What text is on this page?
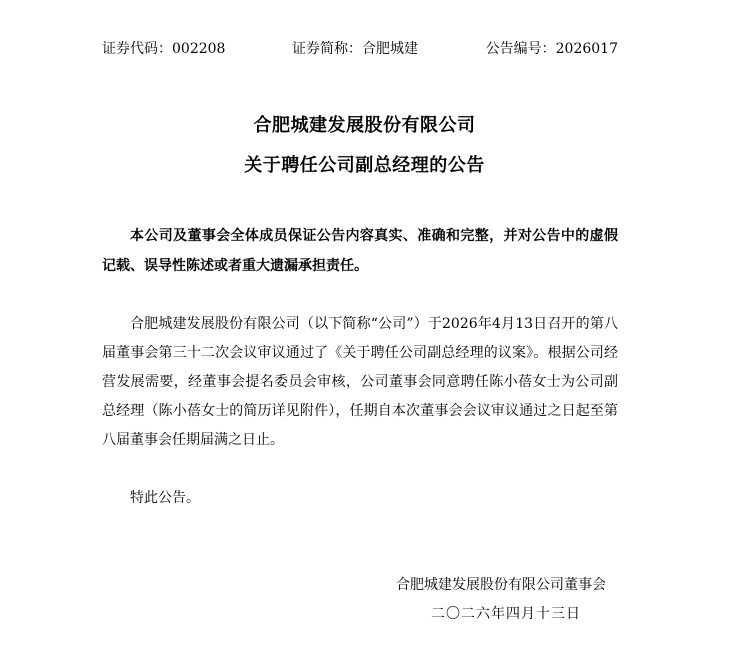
证券代码：002208	证券简称：合肥城建	公告编号：2026017
合肥城建发展股份有限公司
关于聘任公司副总经理的公告
本公司及董事会全体成员保证公告内容真实、准确和完整，并对公告中的虚假记载、误导性陈述或者重大遗漏承担责任。
合肥城建发展股份有限公司（以下简称“公司”）于2026年4月13日召开的第八届董事会第三十二次会议审议通过了《关于聘任公司副总经理的议案》。根据公司经营发展需要，经董事会提名委员会审核，公司董事会同意聘任陈小蓓女士为公司副总经理（陈小蓓女士的简历详见附件），任期自本次董事会会议审议通过之日起至第八届董事会任期届满之日止。
特此公告。
合肥城建发展股份有限公司董事会
二〇二六年四月十三日
